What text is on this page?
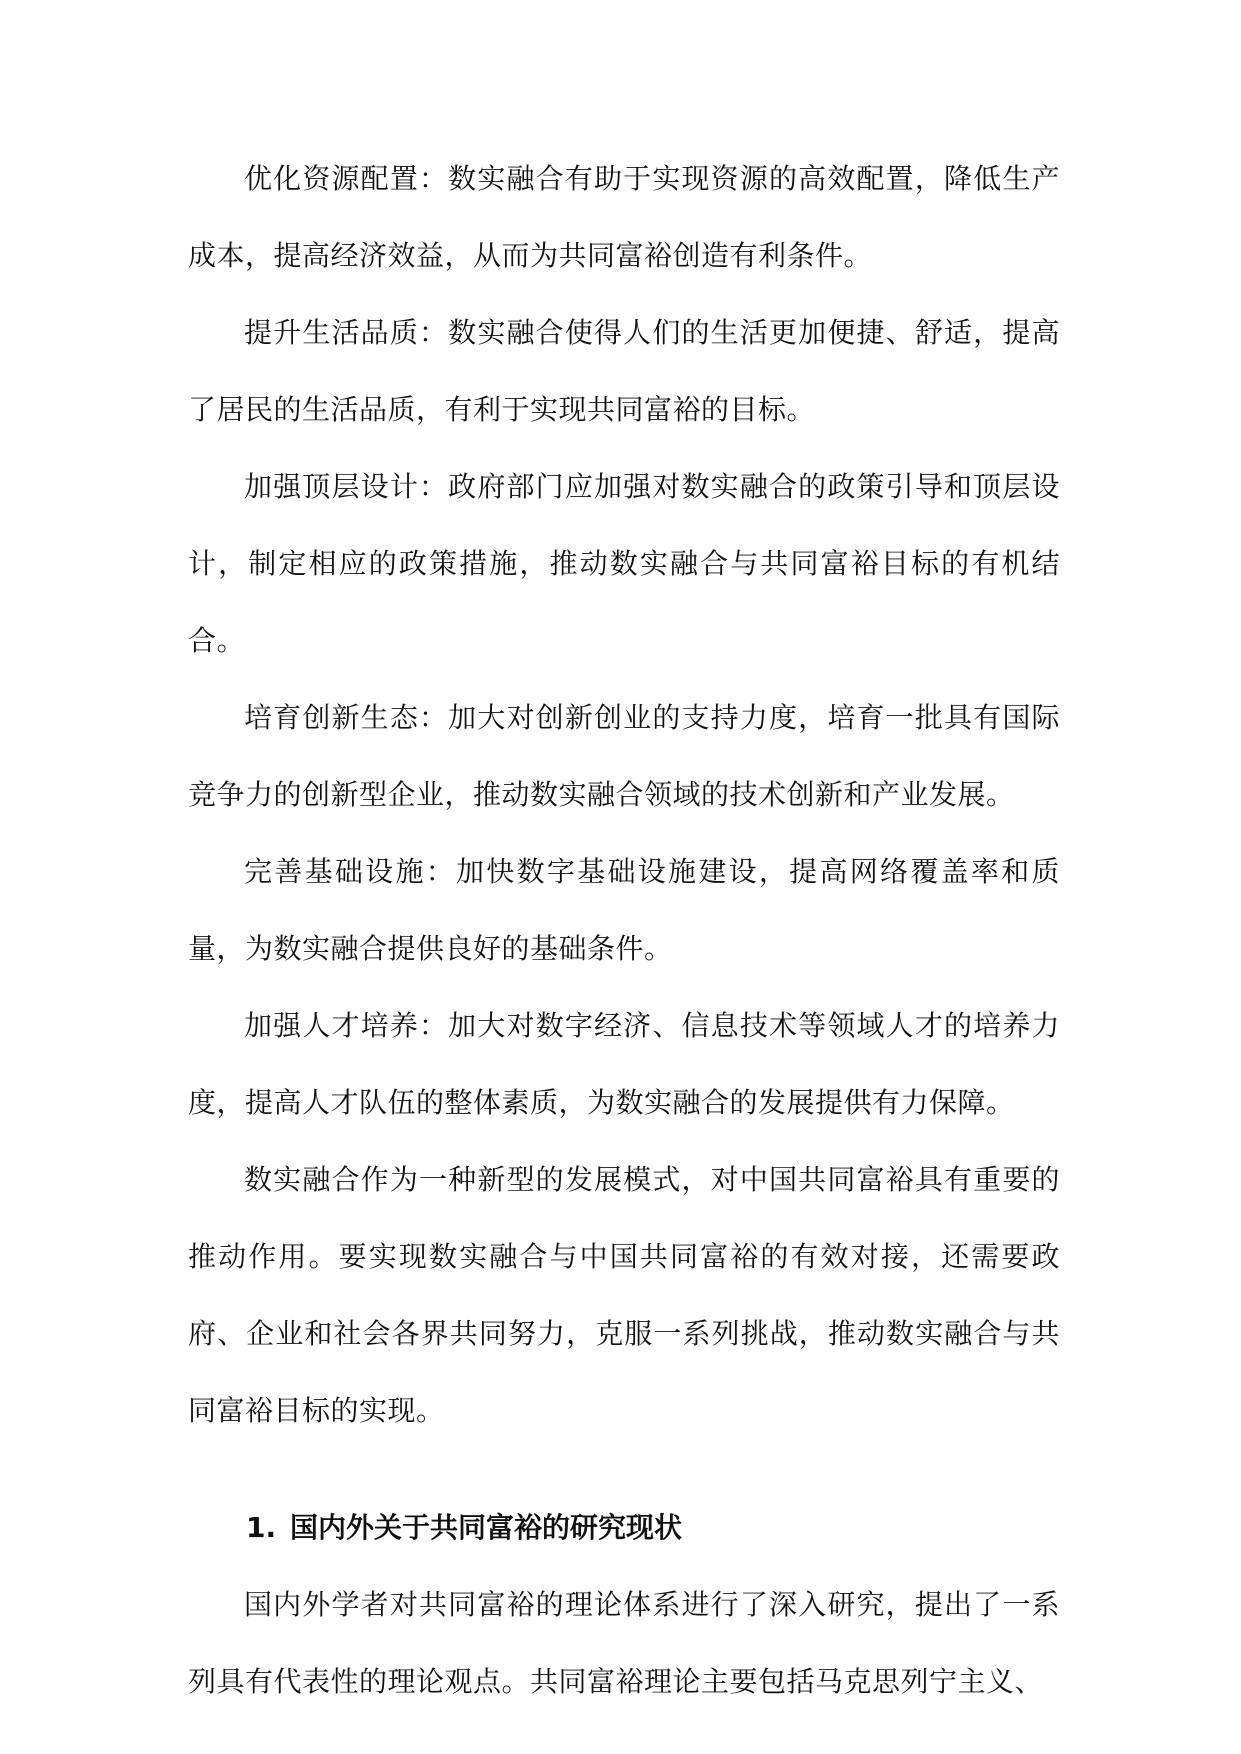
优化资源配置：数实融合有助于实现资源的高效配置，降低生产成本，提高经济效益，从而为共同富裕创造有利条件。

提升生活品质：数实融合使得人们的生活更加便捷、舒适，提高了居民的生活品质，有利于实现共同富裕的目标。

加强顶层设计：政府部门应加强对数实融合的政策引导和顶层设计，制定相应的政策措施，推动数实融合与共同富裕目标的有机结合。

培育创新生态：加大对创新创业的支持力度，培育一批具有国际竞争力的创新型企业，推动数实融合领域的技术创新和产业发展。

完善基础设施：加快数字基础设施建设，提高网络覆盖率和质量，为数实融合提供良好的基础条件。

加强人才培养：加大对数字经济、信息技术等领域人才的培养力度，提高人才队伍的整体素质，为数实融合的发展提供有力保障。

数实融合作为一种新型的发展模式，对中国共同富裕具有重要的推动作用。要实现数实融合与中国共同富裕的有效对接，还需要政府、企业和社会各界共同努力，克服一系列挑战，推动数实融合与共同富裕目标的实现。

1. 国内外关于共同富裕的研究现状

国内外学者对共同富裕的理论体系进行了深入研究，提出了一系列具有代表性的理论观点。共同富裕理论主要包括马克思列宁主义、
